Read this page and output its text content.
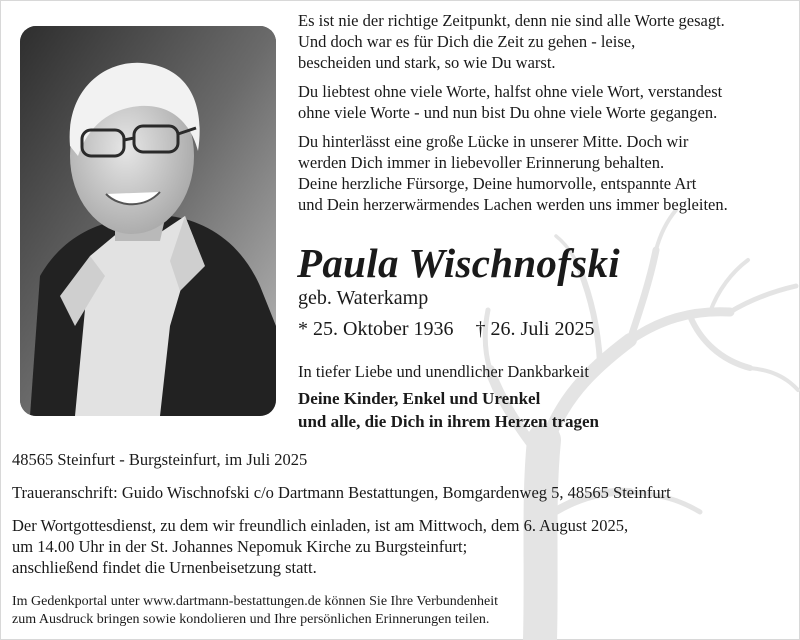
Es ist nie der richtige Zeitpunkt, denn nie sind alle Worte gesagt.
Und doch war es für Dich die Zeit zu gehen - leise,
bescheiden und stark, so wie Du warst.

Du liebtest ohne viele Worte, halfst ohne viele Wort, verstandest
ohne viele Worte - und nun bist Du ohne viele Worte gegangen.

Du hinterlässt eine große Lücke in unserer Mitte. Doch wir
werden Dich immer in liebevoller Erinnerung behalten.
Deine herzliche Fürsorge, Deine humorvolle, entspannte Art
und Dein herzerwärmendes Lachen werden uns immer begleiten.

Paula Wischnofski
geb. Waterkamp
* 25. Oktober 1936 † 26. Juli 2025
In tiefer Liebe und unendlicher Dankbarkeit
Deine Kinder, Enkel und Urenkel
und alle, die Dich in ihrem Herzen tragen

48565 Steinfurt - Burgsteinfurt, im Juli 2025

Traueranschrift: Guido Wischnofski c/o Dartmann Bestattungen, Bomgardenweg 5, 48565 Steinfurt

Der Wortgottesdienst, zu dem wir freundlich einladen, ist am Mittwoch, dem 6. August 2025,
um 14.00 Uhr in der St. Johannes Nepomuk Kirche zu Burgsteinfurt;
anschließend findet die Urnenbeisetzung statt.

Im Gedenkportal unter www.dartmann-bestattungen.de können Sie Ihre Verbundenheit
zum Ausdruck bringen sowie kondolieren und Ihre persönlichen Erinnerungen teilen.
